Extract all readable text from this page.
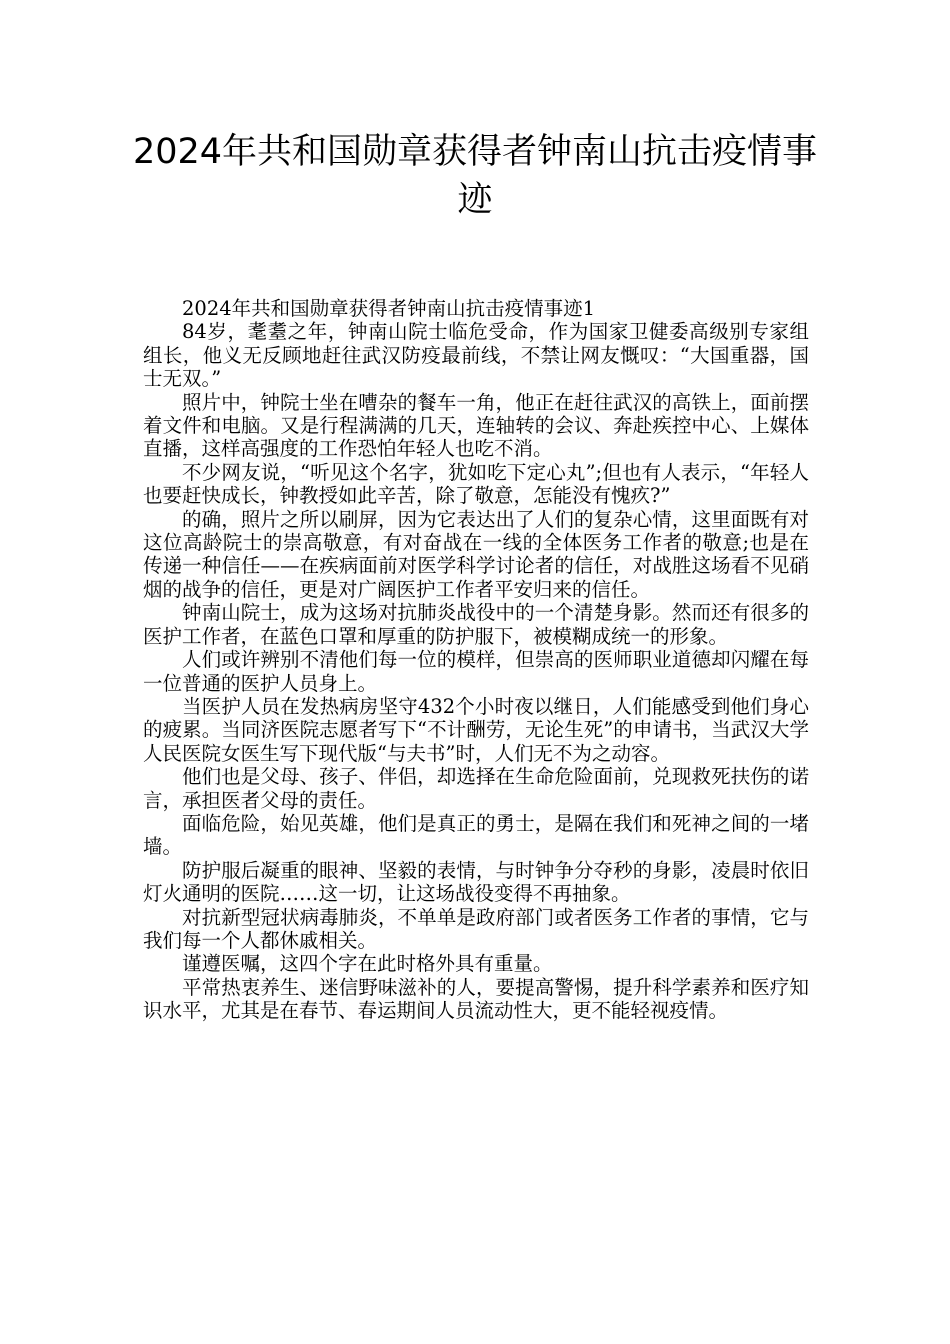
2024年共和国勋章获得者钟南山抗击疫情事迹

2024年共和国勋章获得者钟南山抗击疫情事迹1

84岁，耄耋之年，钟南山院士临危受命，作为国家卫健委高级别专家组组长，他义无反顾地赶往武汉防疫最前线，不禁让网友慨叹：“大国重器，国士无双。”

照片中，钟院士坐在嘈杂的餐车一角，他正在赶往武汉的高铁上，面前摆着文件和电脑。又是行程满满的几天，连轴转的会议、奔赴疾控中心、上媒体直播，这样高强度的工作恐怕年轻人也吃不消。

不少网友说，“听见这个名字，犹如吃下定心丸”;但也有人表示，“年轻人也要赶快成长，钟教授如此辛苦，除了敬意，怎能没有愧疚?”

的确，照片之所以刷屏，因为它表达出了人们的复杂心情，这里面既有对这位高龄院士的崇高敬意，有对奋战在一线的全体医务工作者的敬意;也是在传递一种信任——在疾病面前对医学科学讨论者的信任，对战胜这场看不见硝烟的战争的信任，更是对广阔医护工作者平安归来的信任。

钟南山院士，成为这场对抗肺炎战役中的一个清楚身影。然而还有很多的医护工作者，在蓝色口罩和厚重的防护服下，被模糊成统一的形象。

人们或许辨别不清他们每一位的模样，但崇高的医师职业道德却闪耀在每一位普通的医护人员身上。

当医护人员在发热病房坚守432个小时夜以继日，人们能感受到他们身心的疲累。当同济医院志愿者写下“不计酬劳，无论生死”的申请书，当武汉大学人民医院女医生写下现代版“与夫书”时，人们无不为之动容。

他们也是父母、孩子、伴侣，却选择在生命危险面前，兑现救死扶伤的诺言，承担医者父母的责任。

面临危险，始见英雄，他们是真正的勇士，是隔在我们和死神之间的一堵墙。

防护服后凝重的眼神、坚毅的表情，与时钟争分夺秒的身影，凌晨时依旧灯火通明的医院……这一切，让这场战役变得不再抽象。

对抗新型冠状病毒肺炎，不单单是政府部门或者医务工作者的事情，它与我们每一个人都休戚相关。

谨遵医嘱，这四个字在此时格外具有重量。

平常热衷养生、迷信野味滋补的人，要提高警惕，提升科学素养和医疗知识水平，尤其是在春节、春运期间人员流动性大，更不能轻视疫情。
